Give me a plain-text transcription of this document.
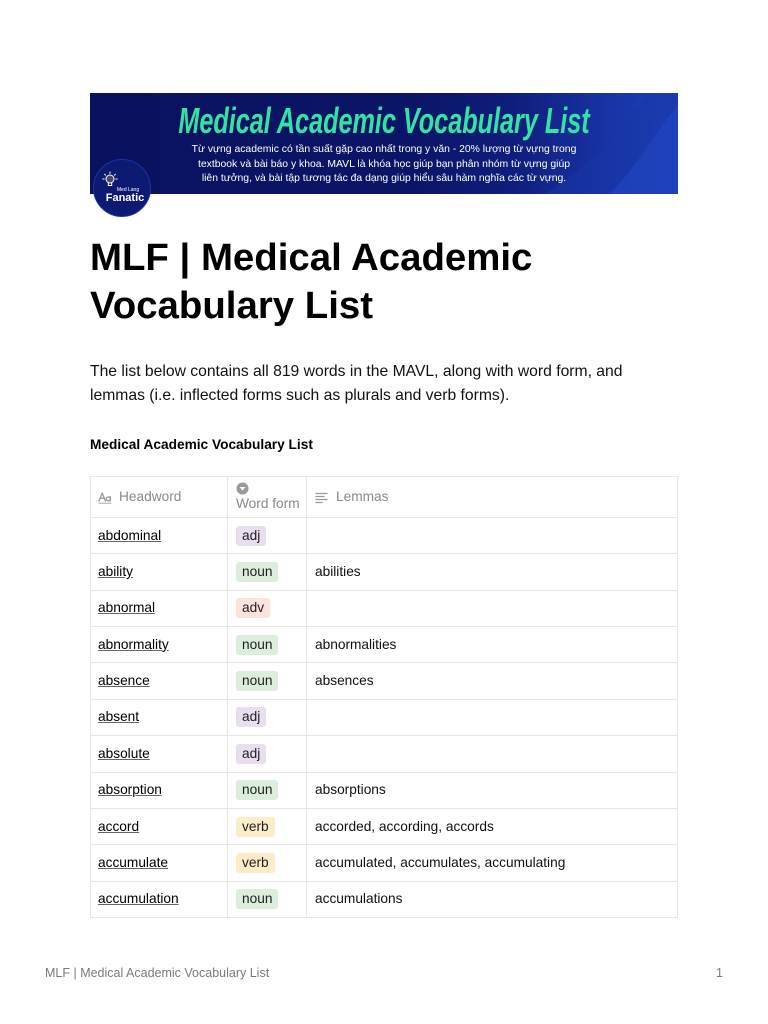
Medical Academic Vocabulary List
Từ vựng academic có tần suất gặp cao nhất trong y văn - 20% lượng từ vựng trong
textbook và bài báo y khoa. MAVL là khóa học giúp bạn phân nhóm từ vựng giúp
liên tưởng, và bài tập tương tác đa dạng giúp hiểu sâu hàm nghĩa các từ vựng.
Med Lang
Fanatic
MLF | Medical Academic Vocabulary List

The list below contains all 819 words in the MAVL, along with word form, and lemmas (i.e. inflected forms such as plurals and verb forms).

Medical Academic Vocabulary List
Headword	Word form	Lemmas
abdominal	adj
ability	noun	abilities
abnormal	adv
abnormality	noun	abnormalities
absence	noun	absences
absent	adj
absolute	adj
absorption	noun	absorptions
accord	verb	accorded, according, accords
accumulate	verb	accumulated, accumulates, accumulating
accumulation	noun	accumulations
MLF | Medical Academic Vocabulary List	1
